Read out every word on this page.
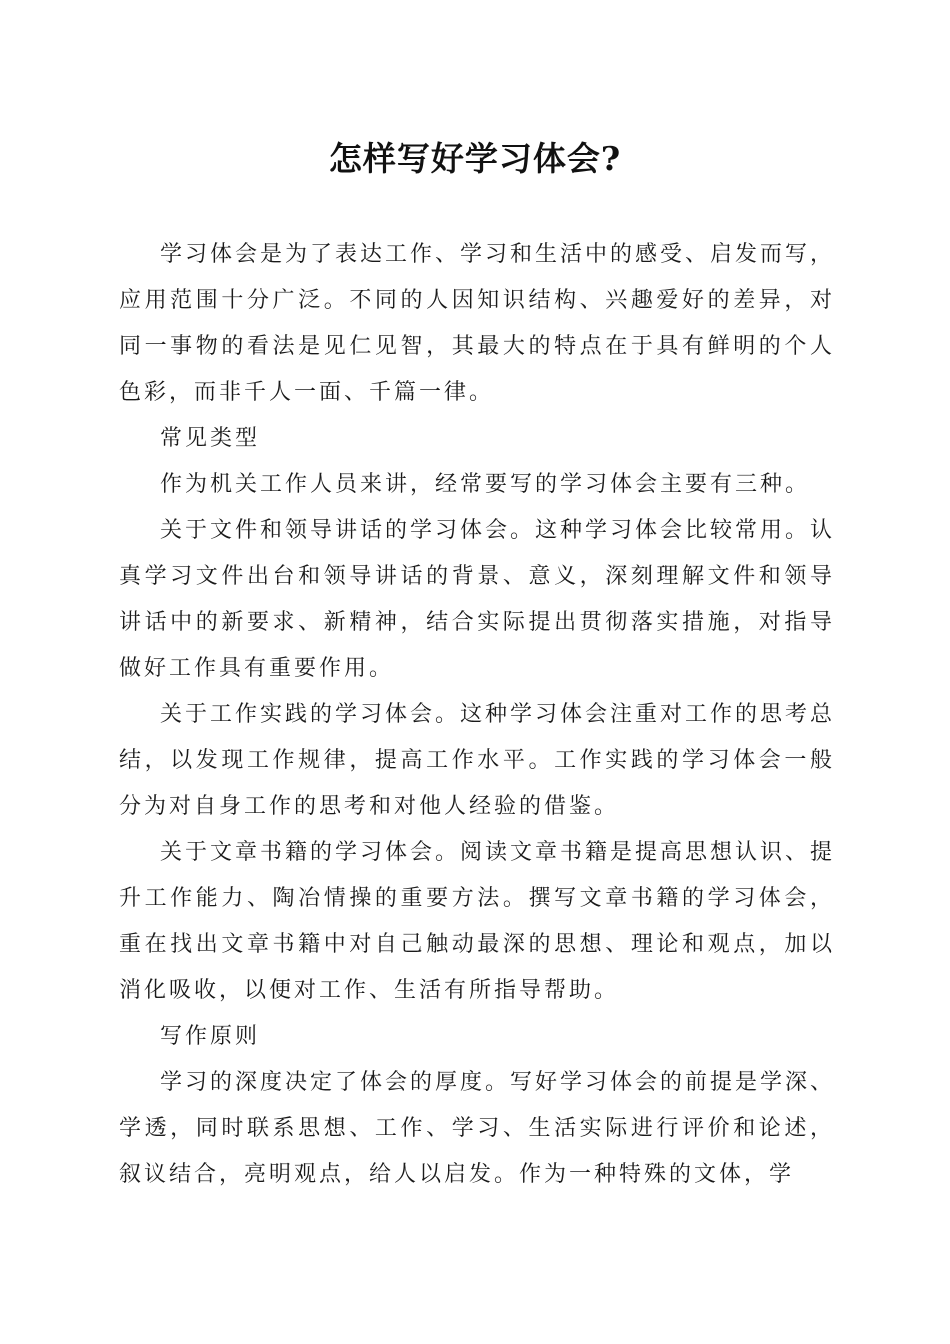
怎样写好学习体会?

学习体会是为了表达工作、学习和生活中的感受、启发而写，应用范围十分广泛。不同的人因知识结构、兴趣爱好的差异，对同一事物的看法是见仁见智，其最大的特点在于具有鲜明的个人色彩，而非千人一面、千篇一律。

常见类型

作为机关工作人员来讲，经常要写的学习体会主要有三种。

关于文件和领导讲话的学习体会。这种学习体会比较常用。认真学习文件出台和领导讲话的背景、意义，深刻理解文件和领导讲话中的新要求、新精神，结合实际提出贯彻落实措施，对指导做好工作具有重要作用。

关于工作实践的学习体会。这种学习体会注重对工作的思考总结，以发现工作规律，提高工作水平。工作实践的学习体会一般分为对自身工作的思考和对他人经验的借鉴。

关于文章书籍的学习体会。阅读文章书籍是提高思想认识、提升工作能力、陶冶情操的重要方法。撰写文章书籍的学习体会，重在找出文章书籍中对自己触动最深的思想、理论和观点，加以消化吸收，以便对工作、生活有所指导帮助。

写作原则

学习的深度决定了体会的厚度。写好学习体会的前提是学深、学透，同时联系思想、工作、学习、生活实际进行评价和论述，叙议结合，亮明观点，给人以启发。作为一种特殊的文体，学
